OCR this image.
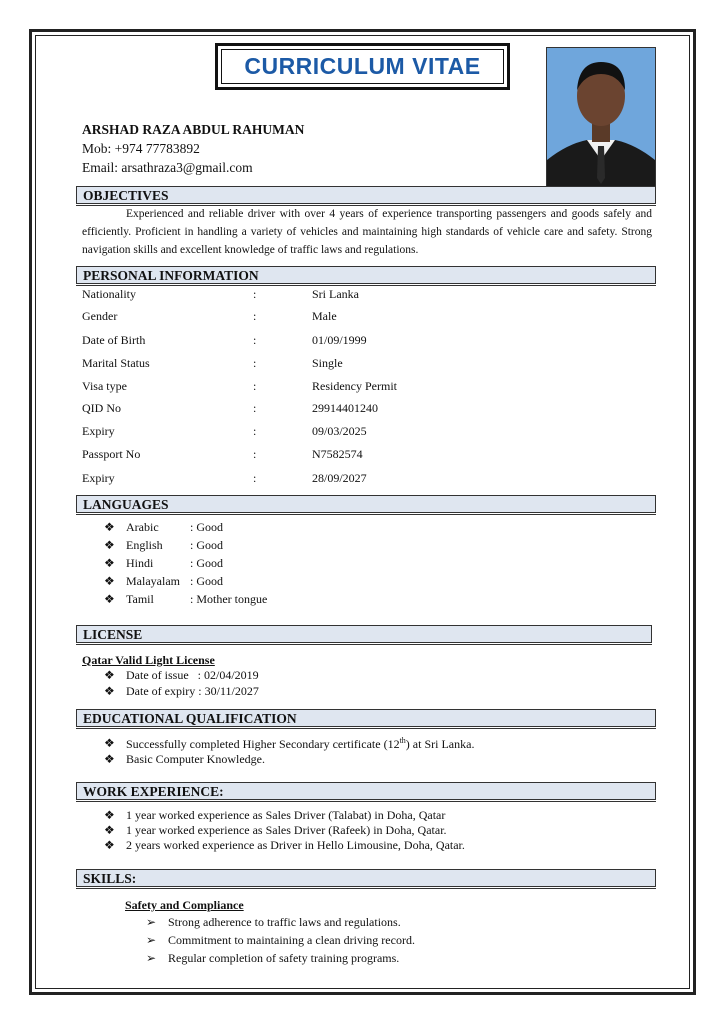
CURRICULUM VITAE
ARSHAD RAZA ABDUL RAHUMAN
Mob: +974 77783892
Email: arsathraza3@gmail.com
OBJECTIVES
Experienced and reliable driver with over 4 years of experience transporting passengers and goods safely and efficiently. Proficient in handling a variety of vehicles and maintaining high standards of vehicle care and safety. Strong navigation skills and excellent knowledge of traffic laws and regulations.
PERSONAL INFORMATION
Nationality	:	Sri Lanka
Gender	:	Male
Date of Birth	:	01/09/1999
Marital Status	:	Single
Visa type	:	Residency Permit
QID No	:	29914401240
Expiry	:	09/03/2025
Passport No	:	N7582574
Expiry	:	28/09/2027
LANGUAGES
❖ Arabic	: Good
❖ English : Good
❖ Hindi	: Good
❖ Malayalam : Good
❖ Tamil	: Mother tongue
LICENSE
Qatar Valid Light License
❖ Date of issue   : 02/04/2019
❖ Date of expiry : 30/11/2027
EDUCATIONAL QUALIFICATION
❖ Successfully completed Higher Secondary certificate (12th) at Sri Lanka.
❖ Basic Computer Knowledge.
WORK EXPERIENCE:
❖ 1 year worked experience as Sales Driver (Talabat) in Doha, Qatar
❖ 1 year worked experience as Sales Driver (Rafeek) in Doha, Qatar.
❖ 2 years worked experience as Driver in Hello Limousine, Doha, Qatar.
SKILLS:
Safety and Compliance
➢ Strong adherence to traffic laws and regulations.
➢ Commitment to maintaining a clean driving record.
➢ Regular completion of safety training programs.
